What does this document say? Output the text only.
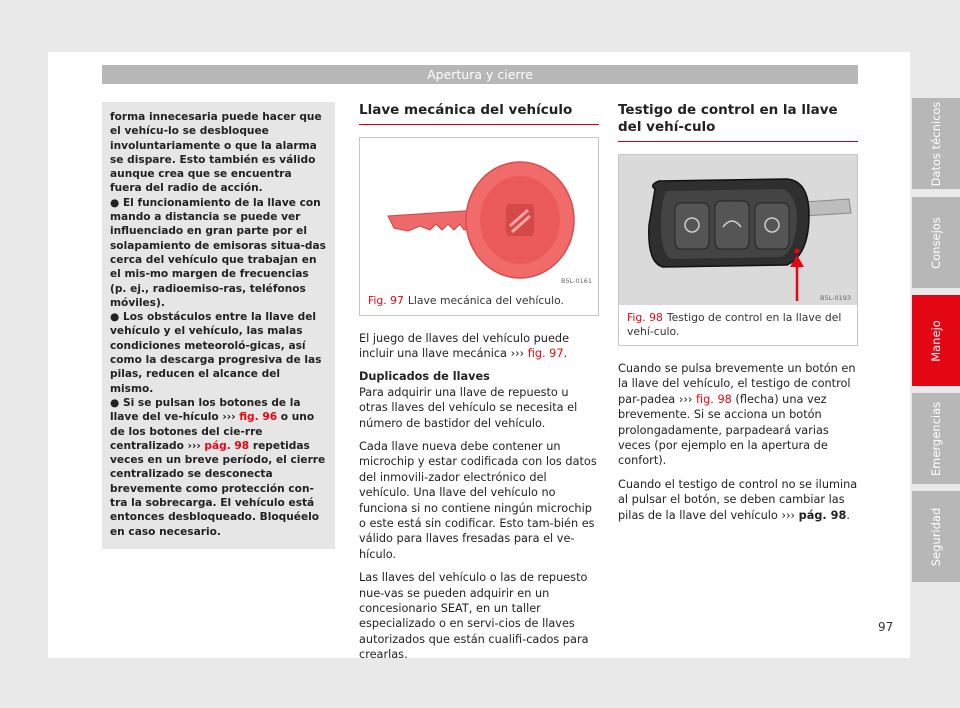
Apertura y cierre

forma innecesaria puede hacer que el vehícu-lo se desbloquee involuntariamente o que la alarma se dispare. Esto también es válido aunque crea que se encuentra fuera del radio de acción.

● El funcionamiento de la llave con mando a distancia se puede ver influenciado en gran parte por el solapamiento de emisoras situa-das cerca del vehículo que trabajan en el mis-mo margen de frecuencias (p. ej., radioemiso-ras, teléfonos móviles).

● Los obstáculos entre la llave del vehículo y el vehículo, las malas condiciones meteoroló-gicas, así como la descarga progresiva de las pilas, reducen el alcance del mismo.

● Si se pulsan los botones de la llave del ve-hículo ››› fig. 96 o uno de los botones del cie-rre centralizado ››› pág. 98 repetidas veces en un breve período, el cierre centralizado se desconecta brevemente como protección con-tra la sobrecarga. El vehículo está entonces desbloqueado. Bloquéelo en caso necesario.

Llave mecánica del vehículo
B5L-0161
Fig. 97 Llave mecánica del vehículo.

El juego de llaves del vehículo puede incluir una llave mecánica ››› fig. 97.

Duplicados de llaves

Para adquirir una llave de repuesto u otras llaves del vehículo se necesita el número de bastidor del vehículo.

Cada llave nueva debe contener un microchip y estar codificada con los datos del inmovili-zador electrónico del vehículo. Una llave del vehículo no funciona si no contiene ningún microchip o este está sin codificar. Esto tam-bién es válido para llaves fresadas para el ve-hículo.

Las llaves del vehículo o las de repuesto nue-vas se pueden adquirir en un concesionario SEAT, en un taller especializado o en servi-cios de llaves autorizados que están cualifi-cados para crearlas.

Testigo de control en la llave del vehí-culo
B5L-0193
Fig. 98 Testigo de control en la llave del vehí-culo.

Cuando se pulsa brevemente un botón en la llave del vehículo, el testigo de control par-padea ››› fig. 98 (flecha) una vez brevemente. Si se acciona un botón prolongadamente, parpadeará varias veces (por ejemplo en la apertura de confort).

Cuando el testigo de control no se ilumina al pulsar el botón, se deben cambiar las pilas de la llave del vehículo ››› pág. 98.

Datos técnicos
Consejos
Manejo
Emergencias
Seguridad
97
